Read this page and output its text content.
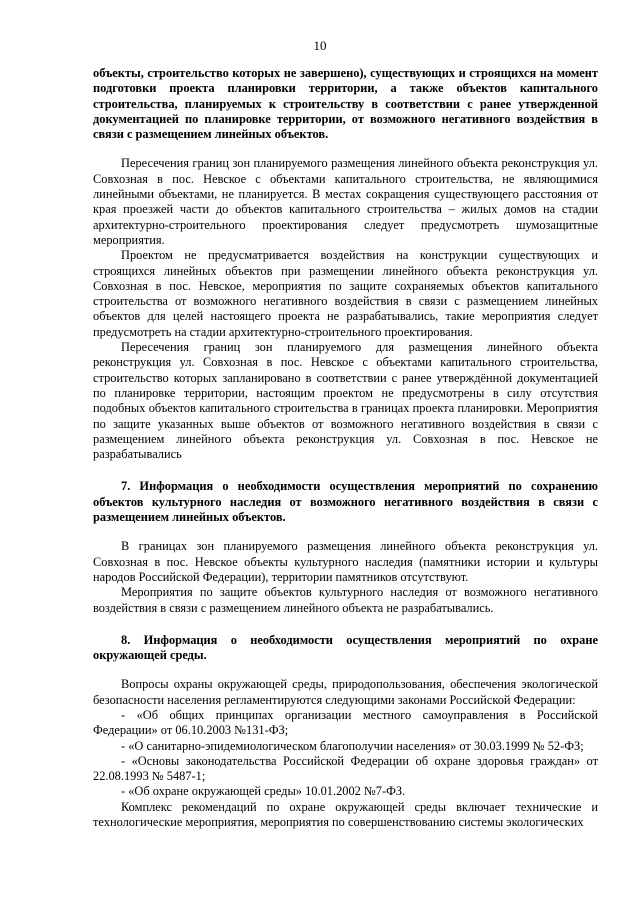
10

объекты, строительство которых не завершено), существующих и строящихся на момент подготовки проекта планировки территории, а также объектов капитального строительства, планируемых к строительству в соответствии с ранее утвержденной документацией по планировке территории, от возможного негативного воздействия в связи с размещением линейных объектов.

Пересечения границ зон планируемого размещения линейного объекта реконструкция ул. Совхозная в пос. Невское с объектами капитального строительства, не являющимися линейными объектами, не планируется. В местах сокращения существующего расстояния от края проезжей части до объектов капитального строительства – жилых домов на стадии архитектурно-строительного проектирования следует предусмотреть шумозащитные мероприятия.

Проектом не предусматривается воздействия на конструкции существующих и строящихся линейных объектов при размещении линейного объекта реконструкция ул. Совхозная в пос. Невское, мероприятия по защите сохраняемых объектов капитального строительства от возможного негативного воздействия в связи с размещением линейных объектов для целей настоящего проекта не разрабатывались, такие мероприятия следует предусмотреть на стадии архитектурно-строительного проектирования.

Пересечения границ зон планируемого для размещения линейного объекта реконструкция ул. Совхозная в пос. Невское с объектами капитального строительства, строительство которых запланировано в соответствии с ранее утверждённой документацией по планировке территории, настоящим проектом не предусмотрены в силу отсутствия подобных объектов капитального строительства в границах проекта планировки. Мероприятия по защите указанных выше объектов от возможного негативного воздействия в связи с размещением линейного объекта реконструкция ул. Совхозная в пос. Невское не разрабатывались

7. Информация о необходимости осуществления мероприятий по сохранению объектов культурного наследия от возможного негативного воздействия в связи с размещением линейных объектов.

В границах зон планируемого размещения линейного объекта реконструкция ул. Совхозная в пос. Невское объекты культурного наследия (памятники истории и культуры народов Российской Федерации), территории памятников отсутствуют.

Мероприятия по защите объектов культурного наследия от возможного негативного воздействия в связи с размещением линейного объекта не разрабатывались.

8. Информация о необходимости осуществления мероприятий по охране окружающей среды.

Вопросы охраны окружающей среды, природопользования, обеспечения экологической безопасности населения регламентируются следующими законами Российской Федерации:

- «Об общих принципах организации местного самоуправления в Российской Федерации» от 06.10.2003 №131-ФЗ;

- «О санитарно-эпидемиологическом благополучии населения» от 30.03.1999 № 52-ФЗ;

- «Основы законодательства Российской Федерации об охране здоровья граждан» от 22.08.1993 № 5487-1;

- «Об охране окружающей среды» 10.01.2002 №7-ФЗ.

Комплекс рекомендаций по охране окружающей среды включает технические и технологические мероприятия, мероприятия по совершенствованию системы экологических
